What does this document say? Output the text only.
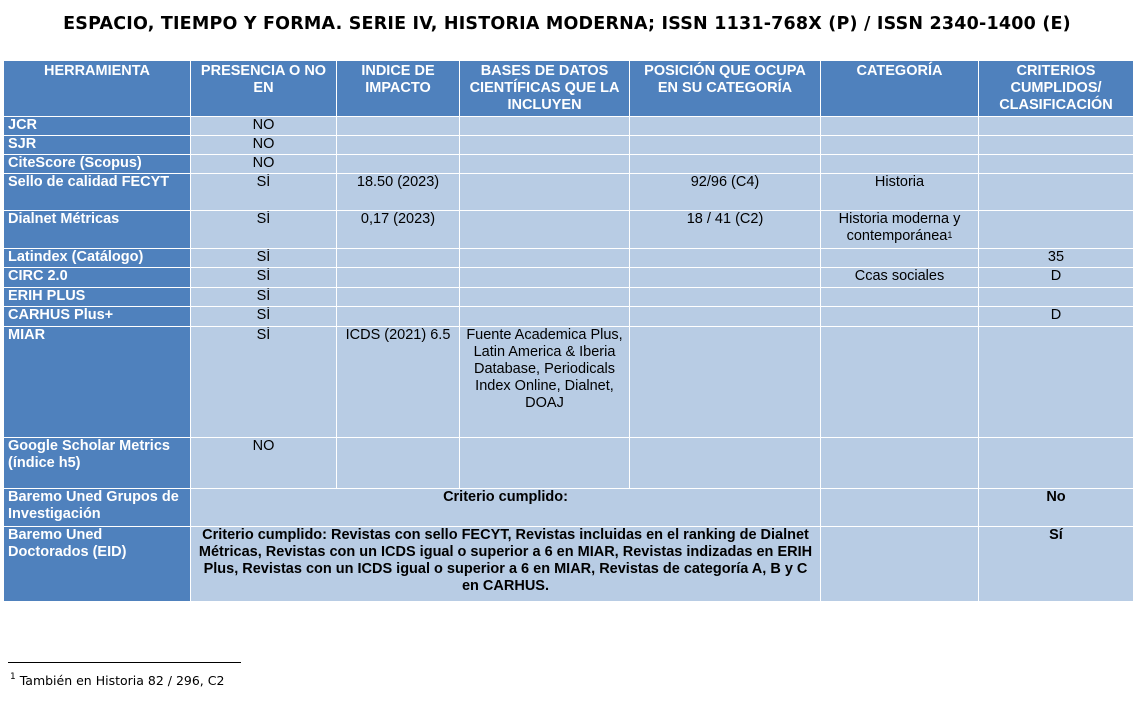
ESPACIO, TIEMPO Y FORMA. SERIE IV, HISTORIA MODERNA; ISSN 1131-768X (P) / ISSN 2340-1400 (E)
HERRAMIENTA	PRESENCIA O NO EN	INDICE DE IMPACTO	BASES DE DATOS CIENTÍFICAS QUE LA INCLUYEN	POSICIÓN QUE OCUPA EN SU CATEGORÍA	CATEGORÍA	CRITERIOS CUMPLIDOS/ CLASIFICACIÓN
JCR	NO					
SJR	NO					
CiteScore (Scopus)	NO					
Sello de calidad FECYT	SÍ	18.50 (2023)		92/96 (C4)	Historia	
Dialnet Métricas	SÍ	0,17 (2023)		18 / 41 (C2)	Historia moderna y contemporánea$^1$	
Latindex (Catálogo)	SÍ					35
CIRC 2.0	SÍ				Ccas sociales	D
ERIH PLUS	SÍ					
CARHUS Plus+	SÍ					D
MIAR	SÍ	ICDS (2021) 6.5	Fuente Academica Plus, Latin America & Iberia Database, Periodicals Index Online, Dialnet, DOAJ			
Google Scholar Metrics (índice h5)	NO					
Baremo Uned Grupos de Investigación	Criterio cumplido:					No
Baremo Uned Doctorados (EID)	Criterio cumplido: Revistas con sello FECYT, Revistas incluidas en el ranking de Dialnet Métricas, Revistas con un ICDS igual o superior a 6 en MIAR, Revistas indizadas en ERIH Plus, Revistas con un ICDS igual o superior a 6 en MIAR, Revistas de categoría A, B y C en CARHUS.					Sí
$^1$ También en Historia 82 / 296, C2
